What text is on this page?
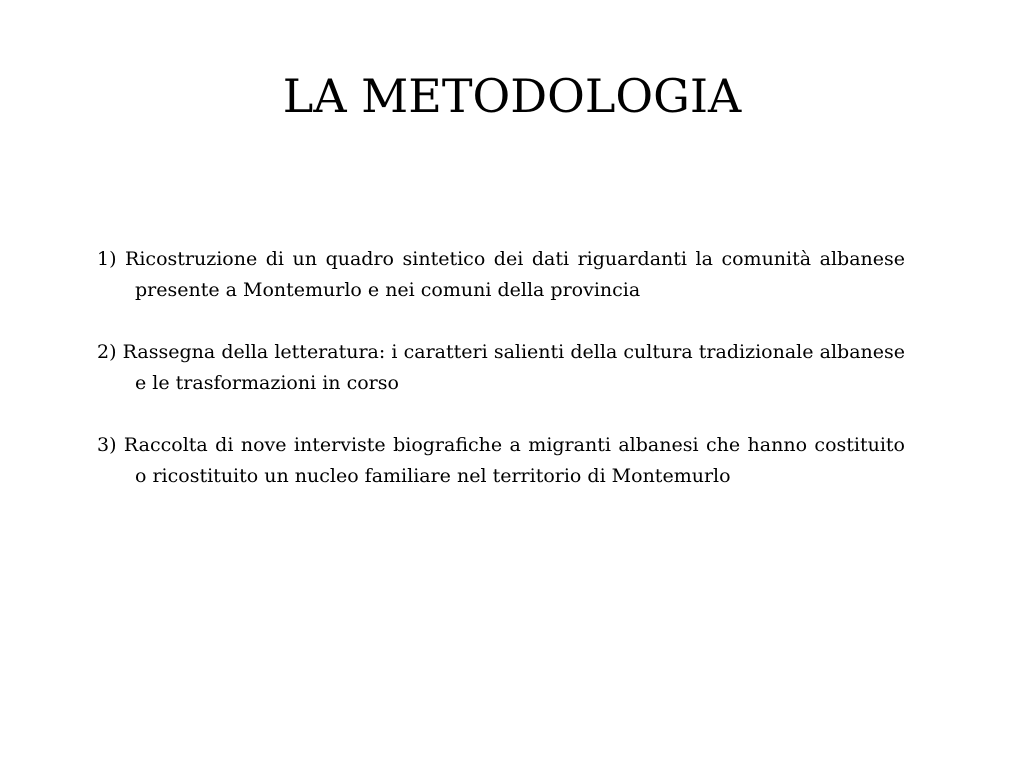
LA METODOLOGIA

1) Ricostruzione di un quadro sintetico dei dati riguardanti la comunità albanese presente a Montemurlo e nei comuni della provincia

2) Rassegna della letteratura: i caratteri salienti della cultura tradizionale albanese e le trasformazioni in corso

3) Raccolta di nove interviste biografiche a migranti albanesi che hanno costituito o ricostituito un nucleo familiare nel territorio di Montemurlo
